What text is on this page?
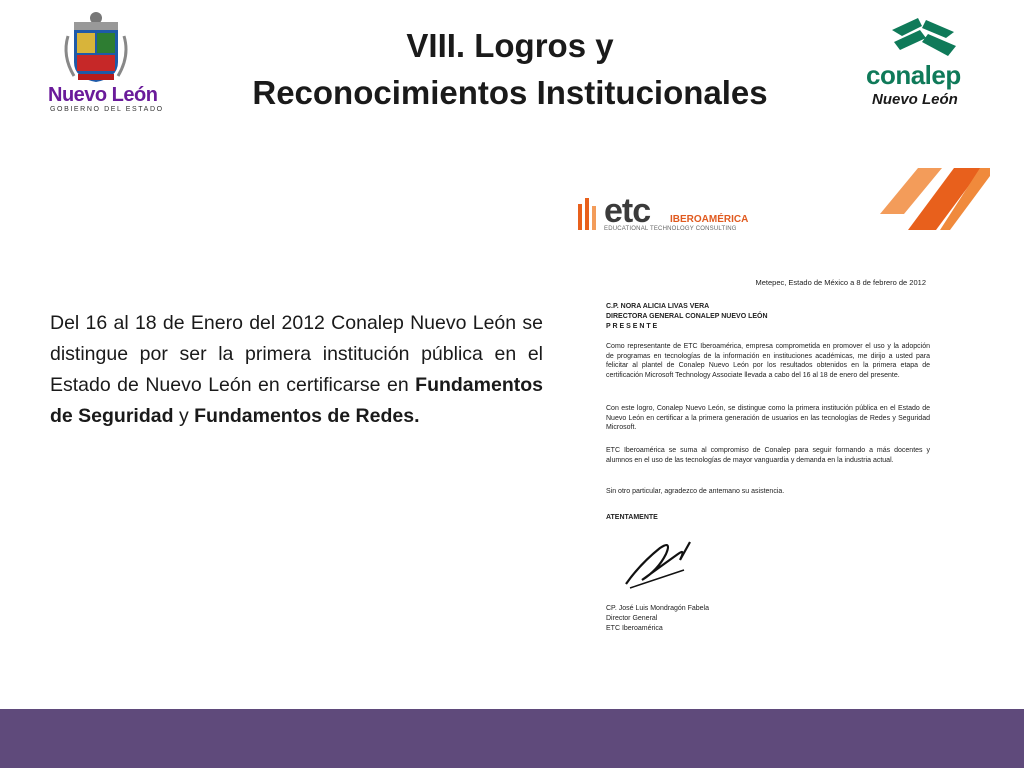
VIII. Logros y
Reconocimientos Institucionales
Nuevo León
GOBIERNO DEL ESTADO
conalep
Nuevo León
Del 16 al 18 de Enero del 2012 Conalep Nuevo León se distingue por ser la primera institución pública en el Estado de Nuevo León en certificarse en Fundamentos de Seguridad y Fundamentos de Redes.
etc IBEROAMÉRICA
EDUCATIONAL TECHNOLOGY CONSULTING
Metepec, Estado de México a 8 de febrero de 2012
C.P. NORA ALICIA LIVAS VERA
DIRECTORA GENERAL CONALEP NUEVO LEÓN
P R E S E N T E
Como representante de ETC Iberoamérica, empresa comprometida en promover el uso y la adopción de programas en tecnologías de la información en instituciones académicas, me dirijo a usted para felicitar al plantel de Conalep Nuevo León por los resultados obtenidos en la primera etapa de certificación Microsoft Technology Associate llevada a cabo del 16 al 18 de enero del presente.
Con este logro, Conalep Nuevo León, se distingue como la primera institución pública en el Estado de Nuevo León en certificar a la primera generación de usuarios en las tecnologías de Redes y Seguridad Microsoft.
ETC Iberoamérica se suma al compromiso de Conalep para seguir formando a más docentes y alumnos en el uso de las tecnologías de mayor vanguardia y demanda en la industria actual.
Sin otro particular, agradezco de antemano su asistencia.
ATENTAMENTE
CP. José Luis Mondragón Fabela
Director General
ETC Iberoamérica
